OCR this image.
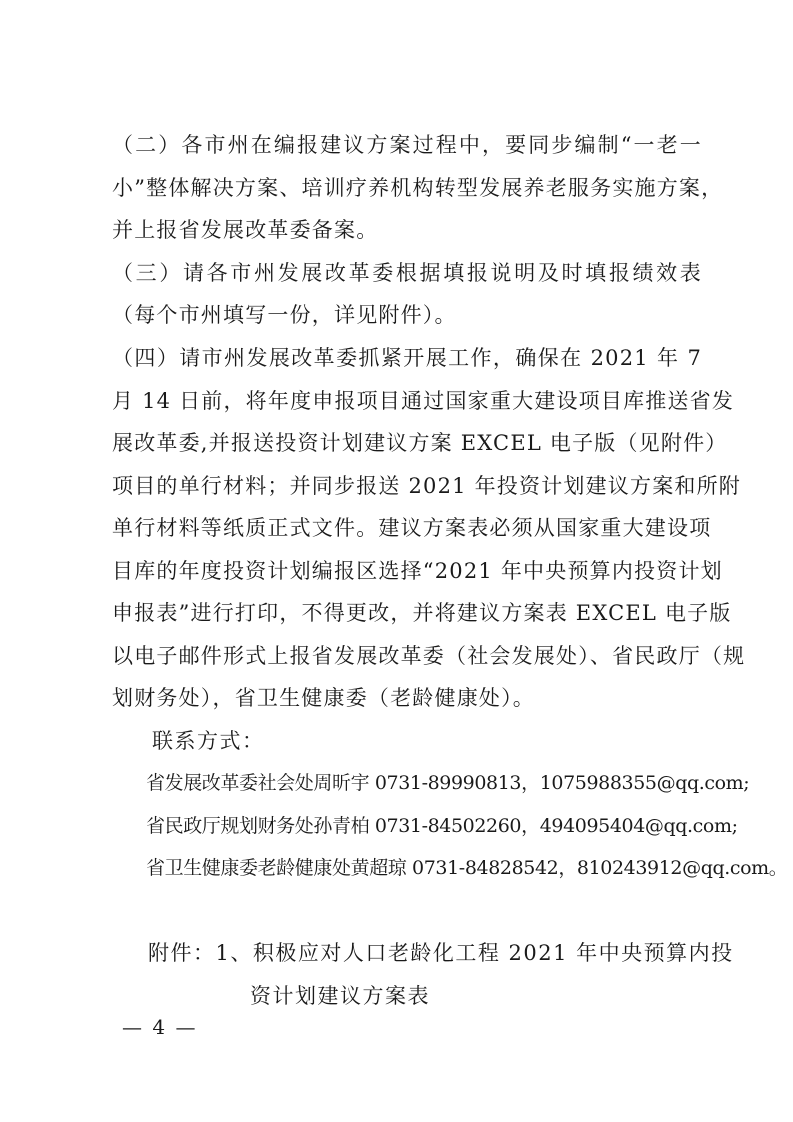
（二）各市州在编报建议方案过程中，要同步编制“一老一
小”整体解决方案、培训疗养机构转型发展养老服务实施方案，
并上报省发展改革委备案。
（三）请各市州发展改革委根据填报说明及时填报绩效表
（每个市州填写一份，详见附件）。
（四）请市州发展改革委抓紧开展工作，确保在 2021 年 7
月 14 日前，将年度申报项目通过国家重大建设项目库推送省发
展改革委,并报送投资计划建议方案 EXCEL 电子版（见附件）
项目的单行材料；并同步报送 2021 年投资计划建议方案和所附
单行材料等纸质正式文件。建议方案表必须从国家重大建设项
目库的年度投资计划编报区选择“2021 年中央预算内投资计划
申报表”进行打印，不得更改，并将建议方案表 EXCEL 电子版
以电子邮件形式上报省发展改革委（社会发展处）、省民政厅（规
划财务处），省卫生健康委（老龄健康处）。
联系方式：
省发展改革委社会处周昕宇 0731-89990813，1075988355@qq.com;
省民政厅规划财务处孙青柏 0731-84502260，494095404@qq.com;
省卫生健康委老龄健康处黄超琼 0731-84828542，810243912@qq.com。
附件：1、积极应对人口老龄化工程 2021 年中央预算内投
资计划建议方案表
— 4 —
